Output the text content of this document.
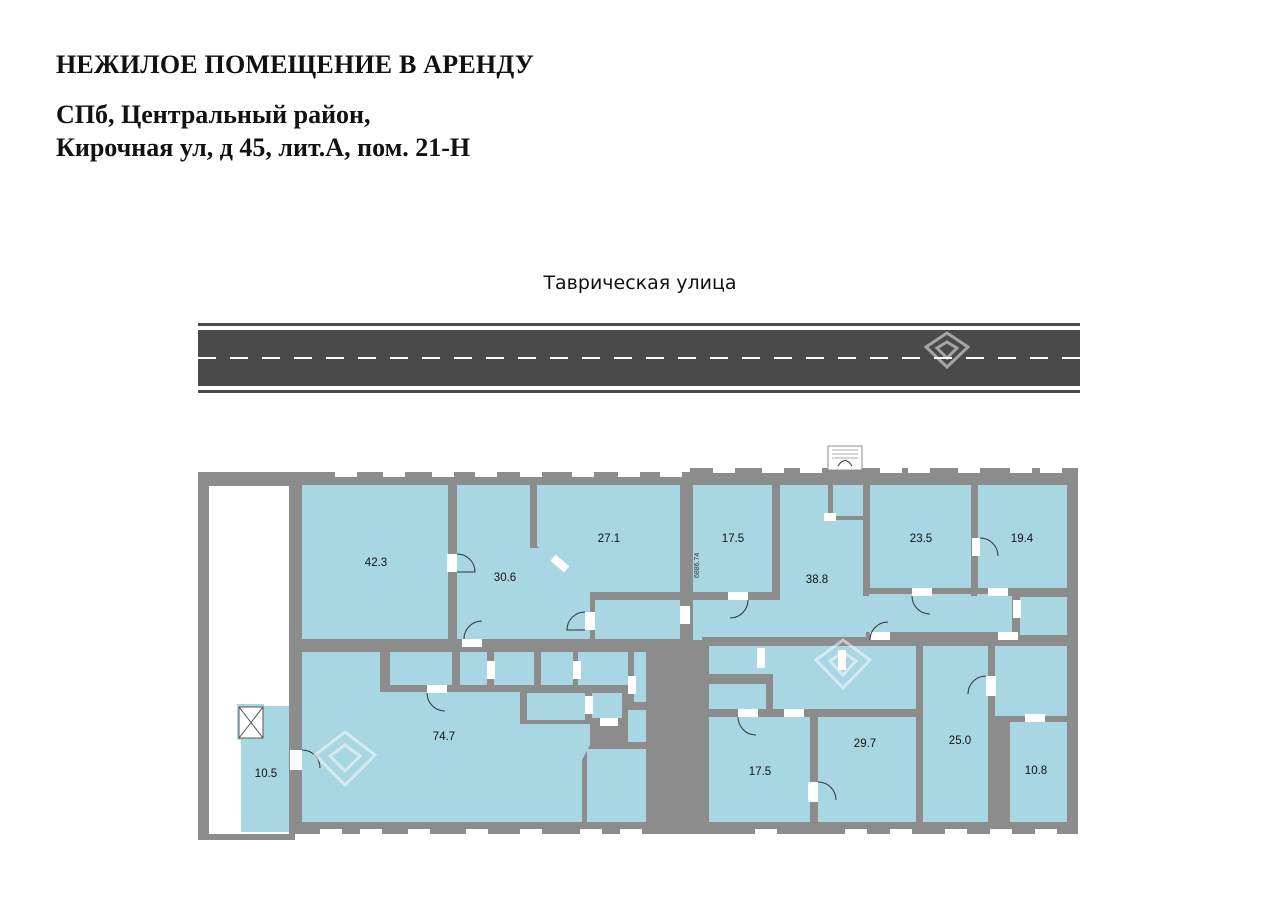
НЕЖИЛОЕ ПОМЕЩЕНИЕ В АРЕНДУ
СПб, Центральный район,
Кирочная ул, д 45, лит.А, пом. 21-Н
Таврическая улица
6886.74
42.3
30.6
27.1	17.5
38.8
23.5	19.4
74.7
10.5	17.5
29.7	25.0
10.8
